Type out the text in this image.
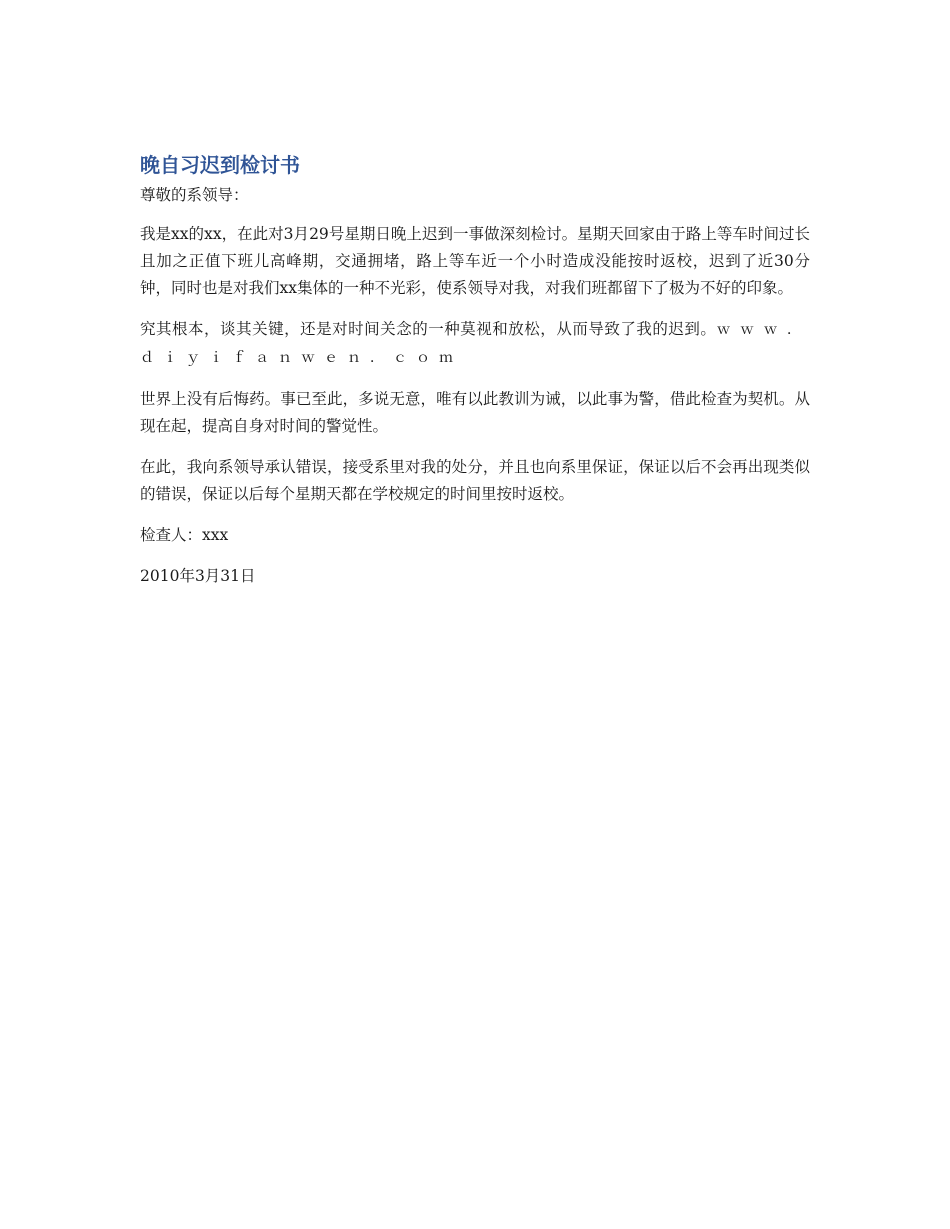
晚自习迟到检讨书

尊敬的系领导：

我是xx的xx，在此对3月29号星期日晚上迟到一事做深刻检讨。星期天回家由于路上等车时间过长且加之正值下班儿高峰期，交通拥堵，路上等车近一个小时造成没能按时返校，迟到了近30分钟，同时也是对我们xx集体的一种不光彩，使系领导对我，对我们班都留下了极为不好的印象。

究其根本，谈其关键，还是对时间关念的一种莫视和放松，从而导致了我的迟到。ｗｗｗ．ｄｉｙｉｆａｎｗｅｎ．ｃｏｍ

世界上没有后悔药。事已至此，多说无意，唯有以此教训为诫，以此事为警，借此检查为契机。从现在起，提高自身对时间的警觉性。

在此，我向系领导承认错误，接受系里对我的处分，并且也向系里保证，保证以后不会再出现类似的错误，保证以后每个星期天都在学校规定的时间里按时返校。

检查人：xxx

2010年3月31日
